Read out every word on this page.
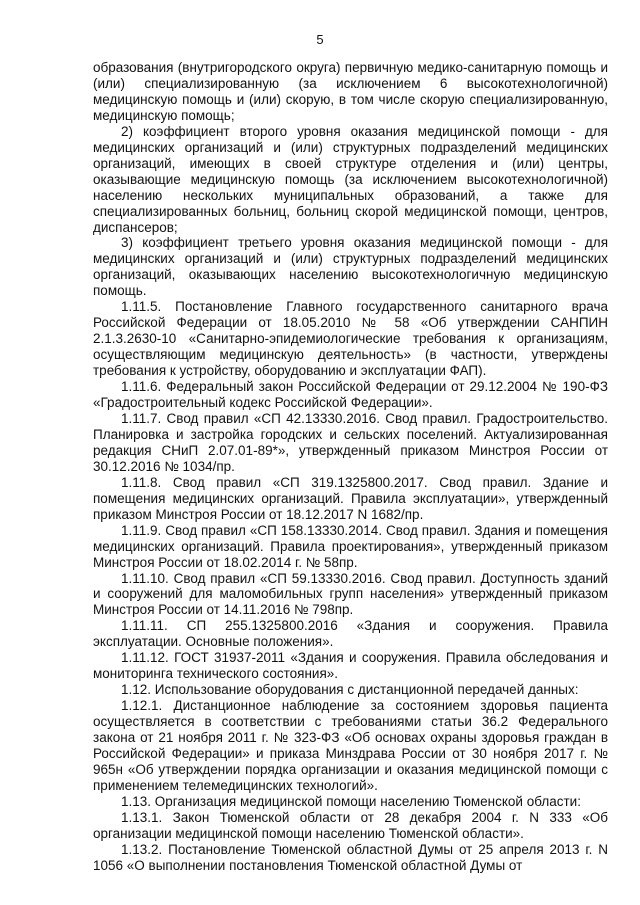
5

образования (внутригородского округа) первичную медико-санитарную помощь и (или) специализированную (за исключением 6 высокотехнологичной) медицинскую помощь и (или) скорую, в том числе скорую специализированную, медицинскую помощь;

2) коэффициент второго уровня оказания медицинской помощи - для медицинских организаций и (или) структурных подразделений медицинских организаций, имеющих в своей структуре отделения и (или) центры, оказывающие медицинскую помощь (за исключением высокотехнологичной) населению нескольких муниципальных образований, а также для специализированных больниц, больниц скорой медицинской помощи, центров, диспансеров;

3) коэффициент третьего уровня оказания медицинской помощи - для медицинских организаций и (или) структурных подразделений медицинских организаций, оказывающих населению высокотехнологичную медицинскую помощь.

1.11.5. Постановление Главного государственного санитарного врача Российской Федерации от 18.05.2010 № 58 «Об утверждении САНПИН 2.1.3.2630-10 «Санитарно-эпидемиологические требования к организациям, осуществляющим медицинскую деятельность» (в частности, утверждены требования к устройству, оборудованию и эксплуатации ФАП).

1.11.6. Федеральный закон Российской Федерации от 29.12.2004 № 190-ФЗ «Градостроительный кодекс Российской Федерации».

1.11.7. Свод правил «СП 42.13330.2016. Свод правил. Градостроительство. Планировка и застройка городских и сельских поселений. Актуализированная редакция СНиП 2.07.01-89*», утвержденный приказом Минстроя России от 30.12.2016 № 1034/пр.

1.11.8. Свод правил «СП 319.1325800.2017. Свод правил. Здание и помещения медицинских организаций. Правила эксплуатации», утвержденный приказом Минстроя России от 18.12.2017 N 1682/пр.

1.11.9. Свод правил «СП 158.13330.2014. Свод правил. Здания и помещения медицинских организаций. Правила проектирования», утвержденный приказом Минстроя России от 18.02.2014 г. № 58пр.

1.11.10. Свод правил «СП 59.13330.2016. Свод правил. Доступность зданий и сооружений для маломобильных групп населения» утвержденный приказом Минстроя России от 14.11.2016 № 798пр.

1.11.11. СП 255.1325800.2016 «Здания и сооружения. Правила эксплуатации. Основные положения».

1.11.12. ГОСТ 31937-2011 «Здания и сооружения. Правила обследования и мониторинга технического состояния».

1.12. Использование оборудования с дистанционной передачей данных:

1.12.1. Дистанционное наблюдение за состоянием здоровья пациента осуществляется в соответствии с требованиями статьи 36.2 Федерального закона от 21 ноября 2011 г. № 323-ФЗ «Об основах охраны здоровья граждан в Российской Федерации» и приказа Минздрава России от 30 ноября 2017 г. № 965н «Об утверждении порядка организации и оказания медицинской помощи с применением телемедицинских технологий».

1.13. Организация медицинской помощи населению Тюменской области:

1.13.1. Закон Тюменской области от 28 декабря 2004 г. N 333 «Об организации медицинской помощи населению Тюменской области».

1.13.2. Постановление Тюменской областной Думы от 25 апреля 2013 г. N 1056 «О выполнении постановления Тюменской областной Думы от
